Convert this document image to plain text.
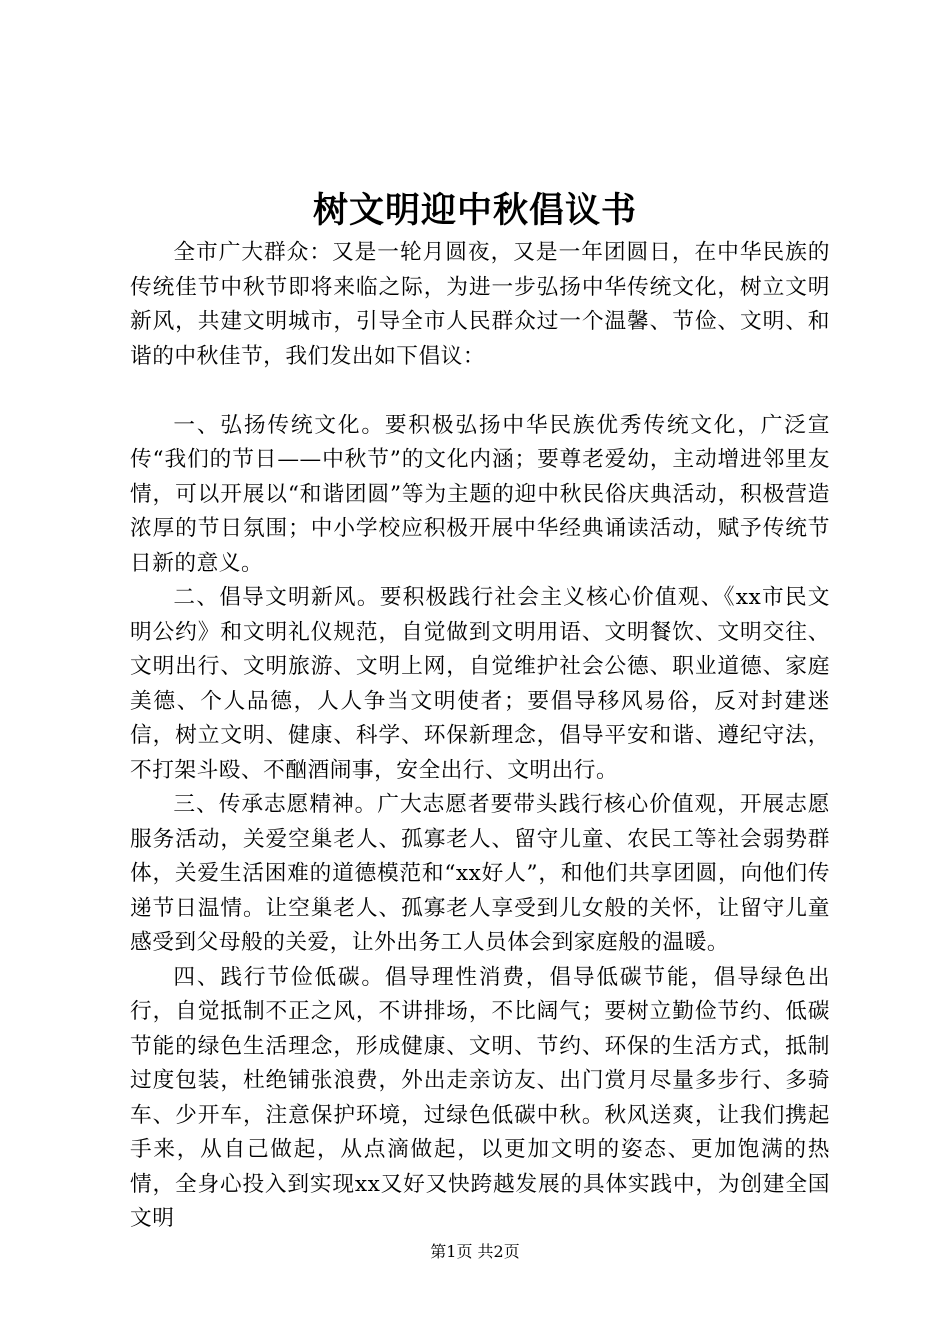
树文明迎中秋倡议书

全市广大群众：又是一轮月圆夜，又是一年团圆日，在中华民族的传统佳节中秋节即将来临之际，为进一步弘扬中华传统文化，树立文明新风，共建文明城市，引导全市人民群众过一个温馨、节俭、文明、和谐的中秋佳节，我们发出如下倡议：

一、弘扬传统文化。要积极弘扬中华民族优秀传统文化，广泛宣传“我们的节日——中秋节”的文化内涵；要尊老爱幼，主动增进邻里友情，可以开展以“和谐团圆”等为主题的迎中秋民俗庆典活动，积极营造浓厚的节日氛围；中小学校应积极开展中华经典诵读活动，赋予传统节日新的意义。

二、倡导文明新风。要积极践行社会主义核心价值观、《xx市民文明公约》和文明礼仪规范，自觉做到文明用语、文明餐饮、文明交往、文明出行、文明旅游、文明上网，自觉维护社会公德、职业道德、家庭美德、个人品德，人人争当文明使者；要倡导移风易俗，反对封建迷信，树立文明、健康、科学、环保新理念，倡导平安和谐、遵纪守法，不打架斗殴、不酗酒闹事，安全出行、文明出行。

三、传承志愿精神。广大志愿者要带头践行核心价值观，开展志愿服务活动，关爱空巢老人、孤寡老人、留守儿童、农民工等社会弱势群体，关爱生活困难的道德模范和“xx好人”，和他们共享团圆，向他们传递节日温情。让空巢老人、孤寡老人享受到儿女般的关怀，让留守儿童感受到父母般的关爱，让外出务工人员体会到家庭般的温暖。

四、践行节俭低碳。倡导理性消费，倡导低碳节能，倡导绿色出行，自觉抵制不正之风，不讲排场，不比阔气；要树立勤俭节约、低碳节能的绿色生活理念，形成健康、文明、节约、环保的生活方式，抵制过度包装，杜绝铺张浪费，外出走亲访友、出门赏月尽量多步行、多骑车、少开车，注意保护环境，过绿色低碳中秋。秋风送爽，让我们携起手来，从自己做起，从点滴做起，以更加文明的姿态、更加饱满的热情，全身心投入到实现xx又好又快跨越发展的具体实践中，为创建全国文明

第1页 共2页
